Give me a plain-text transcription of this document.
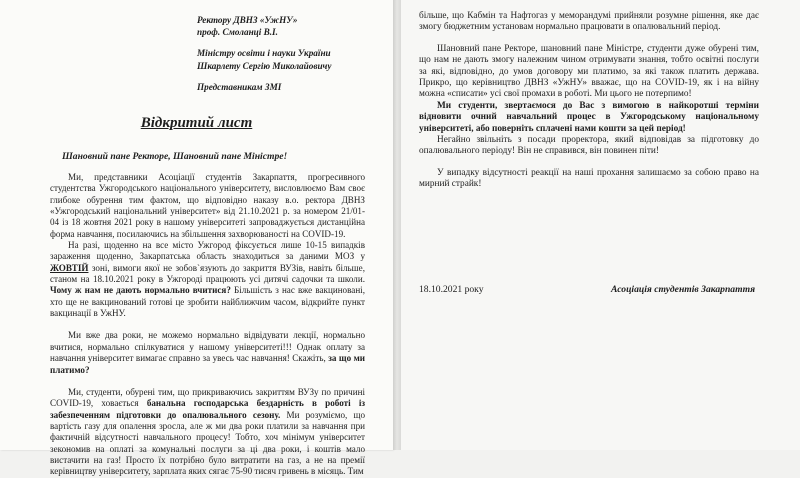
Ректору ДВНЗ «УжНУ»
проф. Смоланці В.І.
Міністру освіти і науки України
Шкарлету Сергію Миколайовичу
Представникам ЗМІ
Відкритий лист
Шановний пане Ректоре, Шановний пане Міністре!

Ми, представники Асоціації студентів Закарпаття, прогресивного студентства Ужгородського національного університету, висловлюємо Вам своє глибоке обурення тим фактом, що відповідно наказу в.о. ректора ДВНЗ «Ужгородський національний університет» від 21.10.2021 р. за номером 21/01- 04 із 18 жовтня 2021 року в нашому університеті запроваджується дистанційна форма навчання, посилаючись на збільшення захворюваності на COVID-19.

На разі, щоденно на все місто Ужгород фіксується лише 10-15 випадків зараження щоденно, Закарпатська область знаходиться за даними МОЗ у ЖОВТІЙ зоні, вимоги якої не зобов`язують до закриття ВУЗів, навіть більше, станом на 18.10.2021 року в Ужгороді працюють усі дитячі садочки та школи. Чому ж нам не дають нормально вчитися? Більшість з нас вже вакциновані, хто ще не вакцинований готові це зробити найближчим часом, відкрийте пункт вакцинації в УжНУ.

Ми вже два роки, не можемо нормально відвідувати лекції, нормально вчитися, нормально спілкуватися у нашому університеті!!! Однак оплату за навчання університет вимагає справно за увесь час навчання! Скажіть, за що ми платимо?

Ми, студенти, обурені тим, що прикриваючись закриттям ВУЗу по причині COVID-19, ховається банальна господарська бездарність в роботі із забезпеченням підготовки до опалювального сезону. Ми розуміємо, що вартість газу для опалення зросла, але ж ми два роки платили за навчання при фактичній відсутності навчального процесу! Тобто, хоч мінімум університет зекономив на оплаті за комунальні послуги за ці два роки, і коштів мало вистачити на газ! Просто їх потрібно було витратити на газ, а не на премії керівництву університету, зарплата яких сягає 75-90 тисяч гривень в місяць. Тим

більше, що Кабмін та Нафтогаз у меморандумі прийняли розумне рішення, яке дає змогу бюджетним установам нормально працювати в опалювальний період.

Шановний пане Ректоре, шановний пане Міністре, студенти дуже обурені тим, що нам не дають змогу належним чином отримувати знання, тобто освітні послуги за які, відповідно, до умов договору ми платимо, за які також платить держава. Прикро, що керівництво ДВНЗ «УжНУ» вважає, що на COVID-19, як і на війну можна «списати» усі свої промахи в роботі. Ми цього не потерпимо!

Ми студенти, звертаємося до Вас з вимогою в найкоротші терміни відновити очний навчальний процес в Ужгородському національному університеті, або поверніть сплачені нами кошти за цей період!

Негайно звільніть з посади проректора, який відповідав за підготовку до опалювального періоду! Він не справився, він повинен піти!

У випадку відсутності реакції на наші прохання залишаємо за собою право на мирний страйк!

18.10.2021 року	Асоціація студентів Закарпаття
